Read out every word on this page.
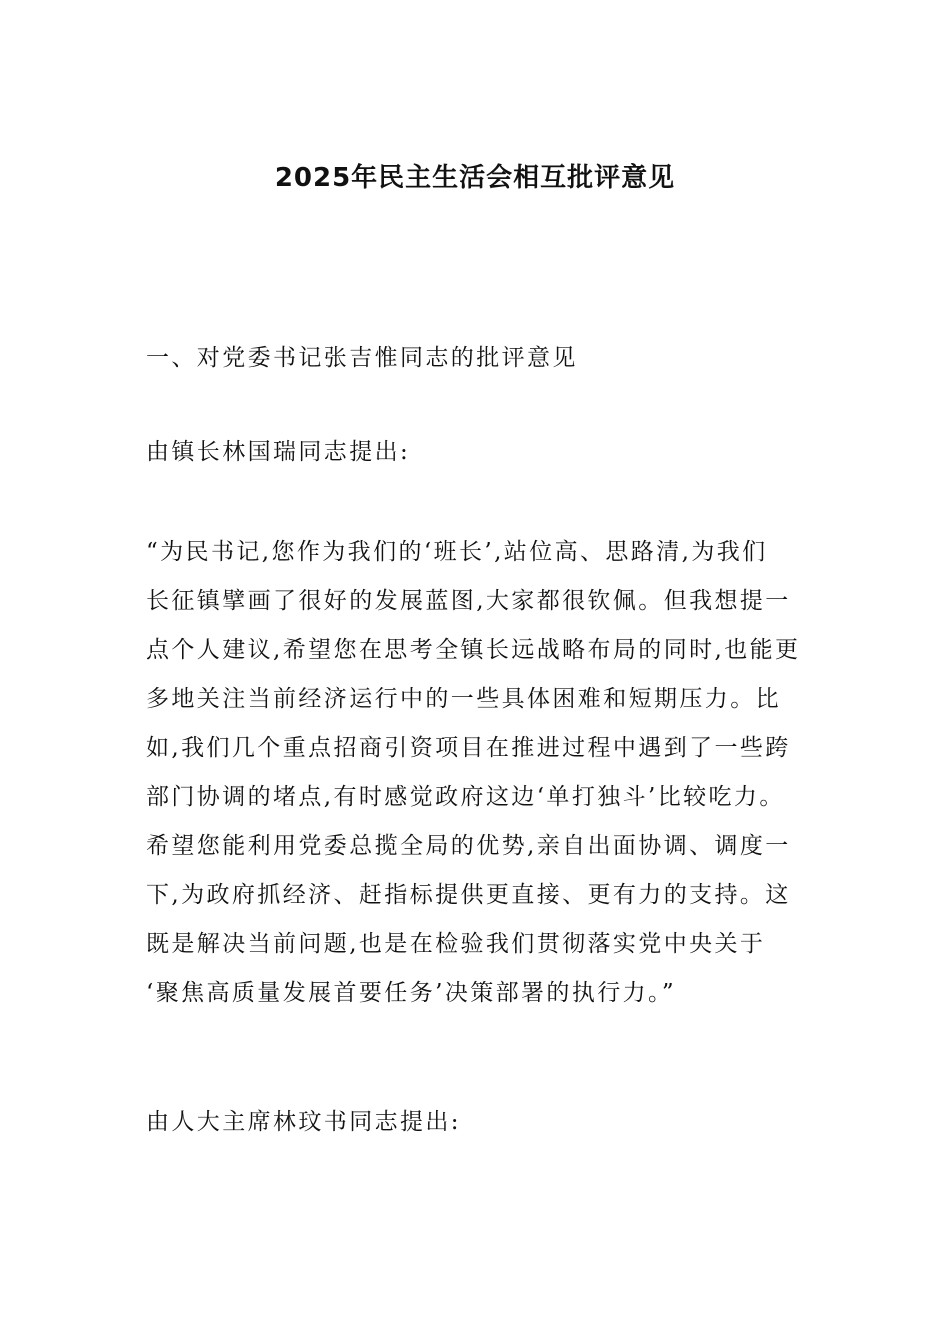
2025年民主生活会相互批评意见

一、对党委书记张吉惟同志的批评意见

由镇长林国瑞同志提出:

“为民书记,您作为我们的‘班长’,站位高、思路清,为我们
长征镇擘画了很好的发展蓝图,大家都很钦佩。但我想提一
点个人建议,希望您在思考全镇长远战略布局的同时,也能更
多地关注当前经济运行中的一些具体困难和短期压力。比
如,我们几个重点招商引资项目在推进过程中遇到了一些跨
部门协调的堵点,有时感觉政府这边‘单打独斗’比较吃力。
希望您能利用党委总揽全局的优势,亲自出面协调、调度一
下,为政府抓经济、赶指标提供更直接、更有力的支持。这
既是解决当前问题,也是在检验我们贯彻落实党中央关于
‘聚焦高质量发展首要任务’决策部署的执行力。”

由人大主席林玟书同志提出:
